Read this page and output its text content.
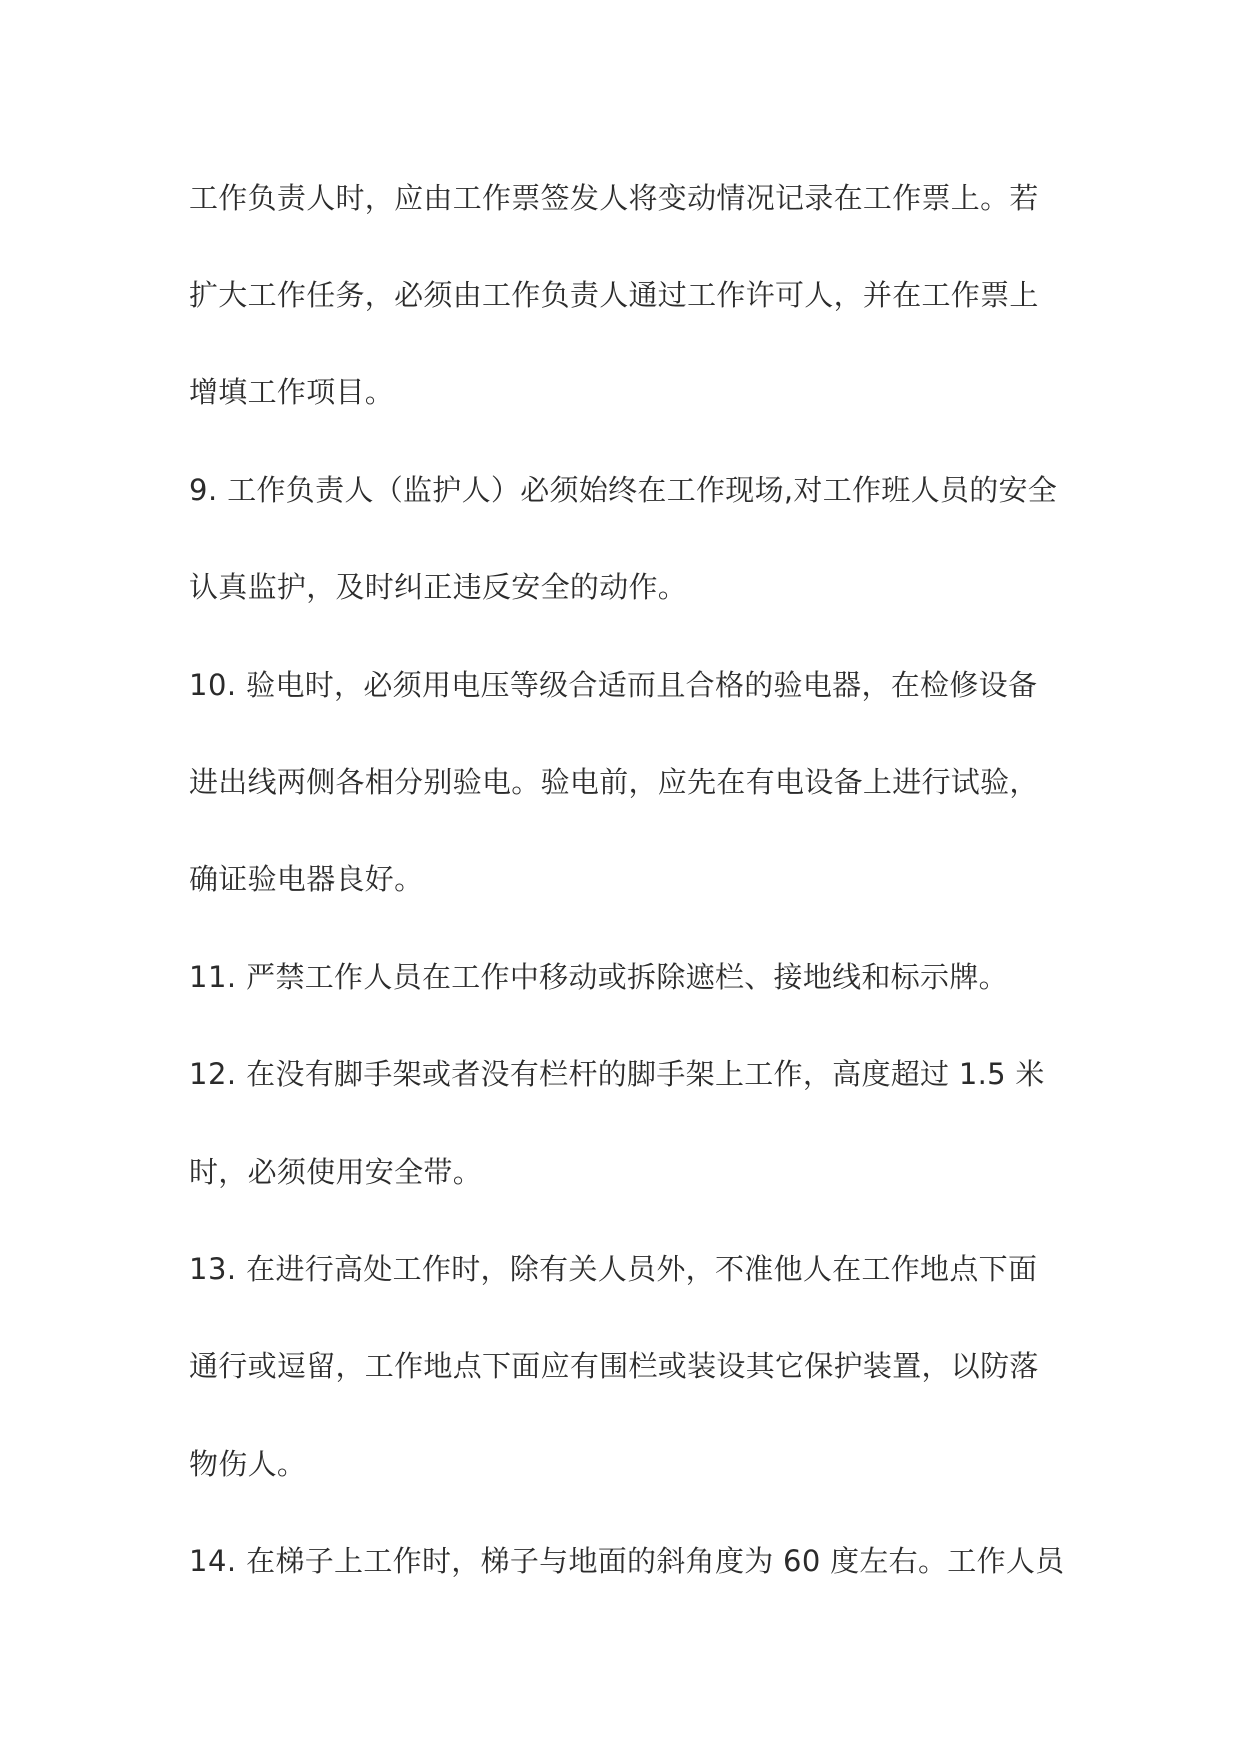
工作负责人时，应由工作票签发人将变动情况记录在工作票上。若
扩大工作任务，必须由工作负责人通过工作许可人，并在工作票上
增填工作项目。
9. 工作负责人（监护人）必须始终在工作现场,对工作班人员的安全
认真监护，及时纠正违反安全的动作。
10. 验电时，必须用电压等级合适而且合格的验电器，在检修设备
进出线两侧各相分别验电。验电前，应先在有电设备上进行试验，
确证验电器良好。
11. 严禁工作人员在工作中移动或拆除遮栏、接地线和标示牌。
12. 在没有脚手架或者没有栏杆的脚手架上工作，高度超过 1.5 米
时，必须使用安全带。
13. 在进行高处工作时，除有关人员外，不准他人在工作地点下面
通行或逗留，工作地点下面应有围栏或装设其它保护装置，以防落
物伤人。
14. 在梯子上工作时，梯子与地面的斜角度为 60 度左右。工作人员
